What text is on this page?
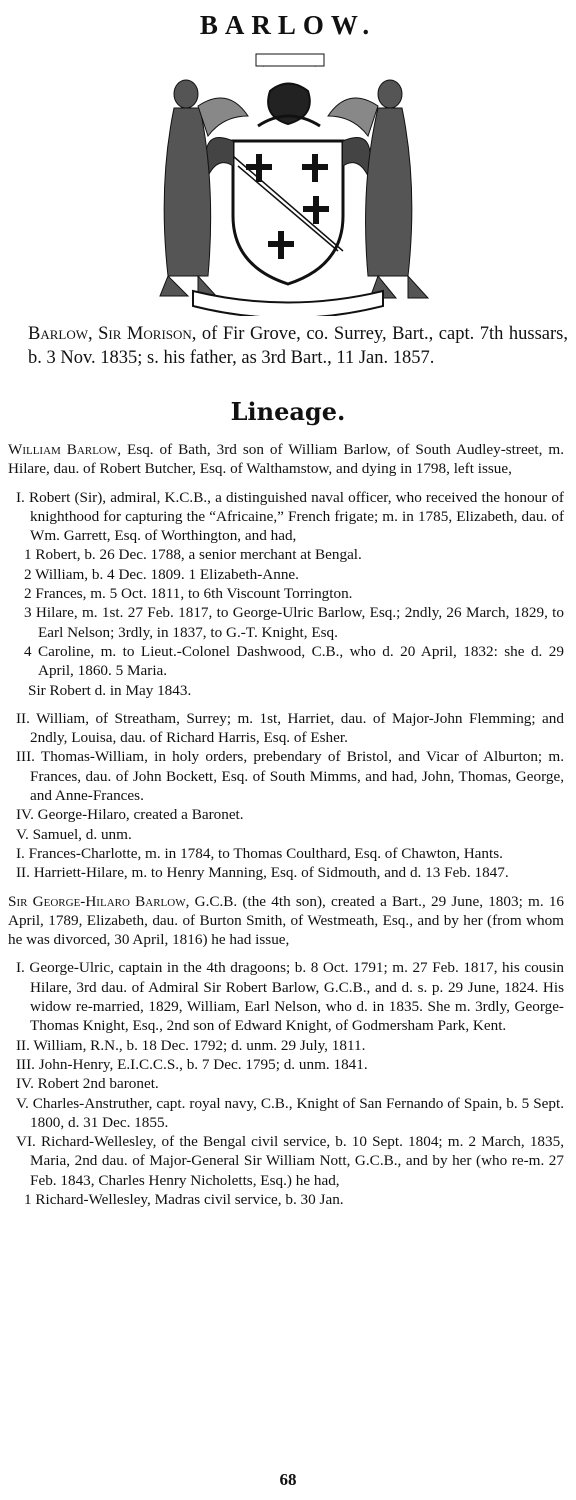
BARLOW.
Barlow, Sir Morison, of Fir Grove, co. Surrey, Bart., capt. 7th hussars, b. 3 Nov. 1835; s. his father, as 3rd Bart., 11 Jan. 1857.
Lineage.

William Barlow, Esq. of Bath, 3rd son of William Barlow, of South Audley-street, m. Hilare, dau. of Robert Butcher, Esq. of Walthamstow, and dying in 1798, left issue,

I. Robert (Sir), admiral, K.C.B., a distinguished naval officer, who received the honour of knighthood for capturing the “Africaine,” French frigate; m. in 1785, Elizabeth, dau. of Wm. Garrett, Esq. of Worthington, and had,

1 Robert, b. 26 Dec. 1788, a senior merchant at Bengal.

2 William, b. 4 Dec. 1809. 1 Elizabeth-Anne.

2 Frances, m. 5 Oct. 1811, to 6th Viscount Torrington.

3 Hilare, m. 1st. 27 Feb. 1817, to George-Ulric Barlow, Esq.; 2ndly, 26 March, 1829, to Earl Nelson; 3rdly, in 1837, to G.-T. Knight, Esq.

4 Caroline, m. to Lieut.-Colonel Dashwood, C.B., who d. 20 April, 1832: she d. 29 April, 1860. 5 Maria.

Sir Robert d. in May 1843.

II. William, of Streatham, Surrey; m. 1st, Harriet, dau. of Major-John Flemming; and 2ndly, Louisa, dau. of Richard Harris, Esq. of Esher.

III. Thomas-William, in holy orders, prebendary of Bristol, and Vicar of Alburton; m. Frances, dau. of John Bockett, Esq. of South Mimms, and had, John, Thomas, George, and Anne-Frances.

IV. George-Hilaro, created a Baronet.

V. Samuel, d. unm.

I. Frances-Charlotte, m. in 1784, to Thomas Coulthard, Esq. of Chawton, Hants.

II. Harriett-Hilare, m. to Henry Manning, Esq. of Sidmouth, and d. 13 Feb. 1847.

Sir George-Hilaro Barlow, G.C.B. (the 4th son), created a Bart., 29 June, 1803; m. 16 April, 1789, Elizabeth, dau. of Burton Smith, of Westmeath, Esq., and by her (from whom he was divorced, 30 April, 1816) he had issue,

I. George-Ulric, captain in the 4th dragoons; b. 8 Oct. 1791; m. 27 Feb. 1817, his cousin Hilare, 3rd dau. of Admiral Sir Robert Barlow, G.C.B., and d. s. p. 29 June, 1824. His widow re-married, 1829, William, Earl Nelson, who d. in 1835. She m. 3rdly, George-Thomas Knight, Esq., 2nd son of Edward Knight, of Godmersham Park, Kent.

II. William, R.N., b. 18 Dec. 1792; d. unm. 29 July, 1811.

III. John-Henry, E.I.C.C.S., b. 7 Dec. 1795; d. unm. 1841.

IV. Robert 2nd baronet.

V. Charles-Anstruther, capt. royal navy, C.B., Knight of San Fernando of Spain, b. 5 Sept. 1800, d. 31 Dec. 1855.

VI. Richard-Wellesley, of the Bengal civil service, b. 10 Sept. 1804; m. 2 March, 1835, Maria, 2nd dau. of Major-General Sir William Nott, G.C.B., and by her (who re-m. 27 Feb. 1843, Charles Henry Nicholetts, Esq.) he had,

1 Richard-Wellesley, Madras civil service, b. 30 Jan.

68
